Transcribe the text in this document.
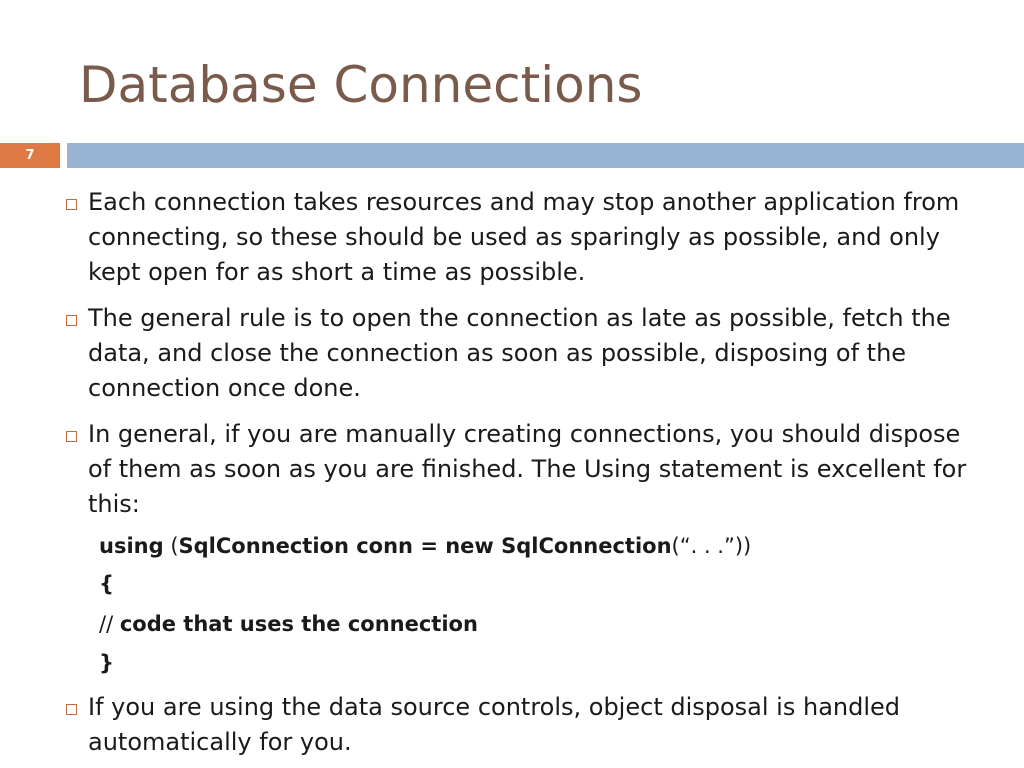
Database Connections
7
Each connection takes resources and may stop another application from connecting, so these should be used as sparingly as possible, and only kept open for as short a time as possible.
The general rule is to open the connection as late as possible, fetch the data, and close the connection as soon as possible, disposing of the connection once done.
In general, if you are manually creating connections, you should dispose of them as soon as you are finished. The Using statement is excellent for this:
using (SqlConnection conn = new SqlConnection(“. . .”))
{
// code that uses the connection
}
If you are using the data source controls, object disposal is handled automatically for you.
